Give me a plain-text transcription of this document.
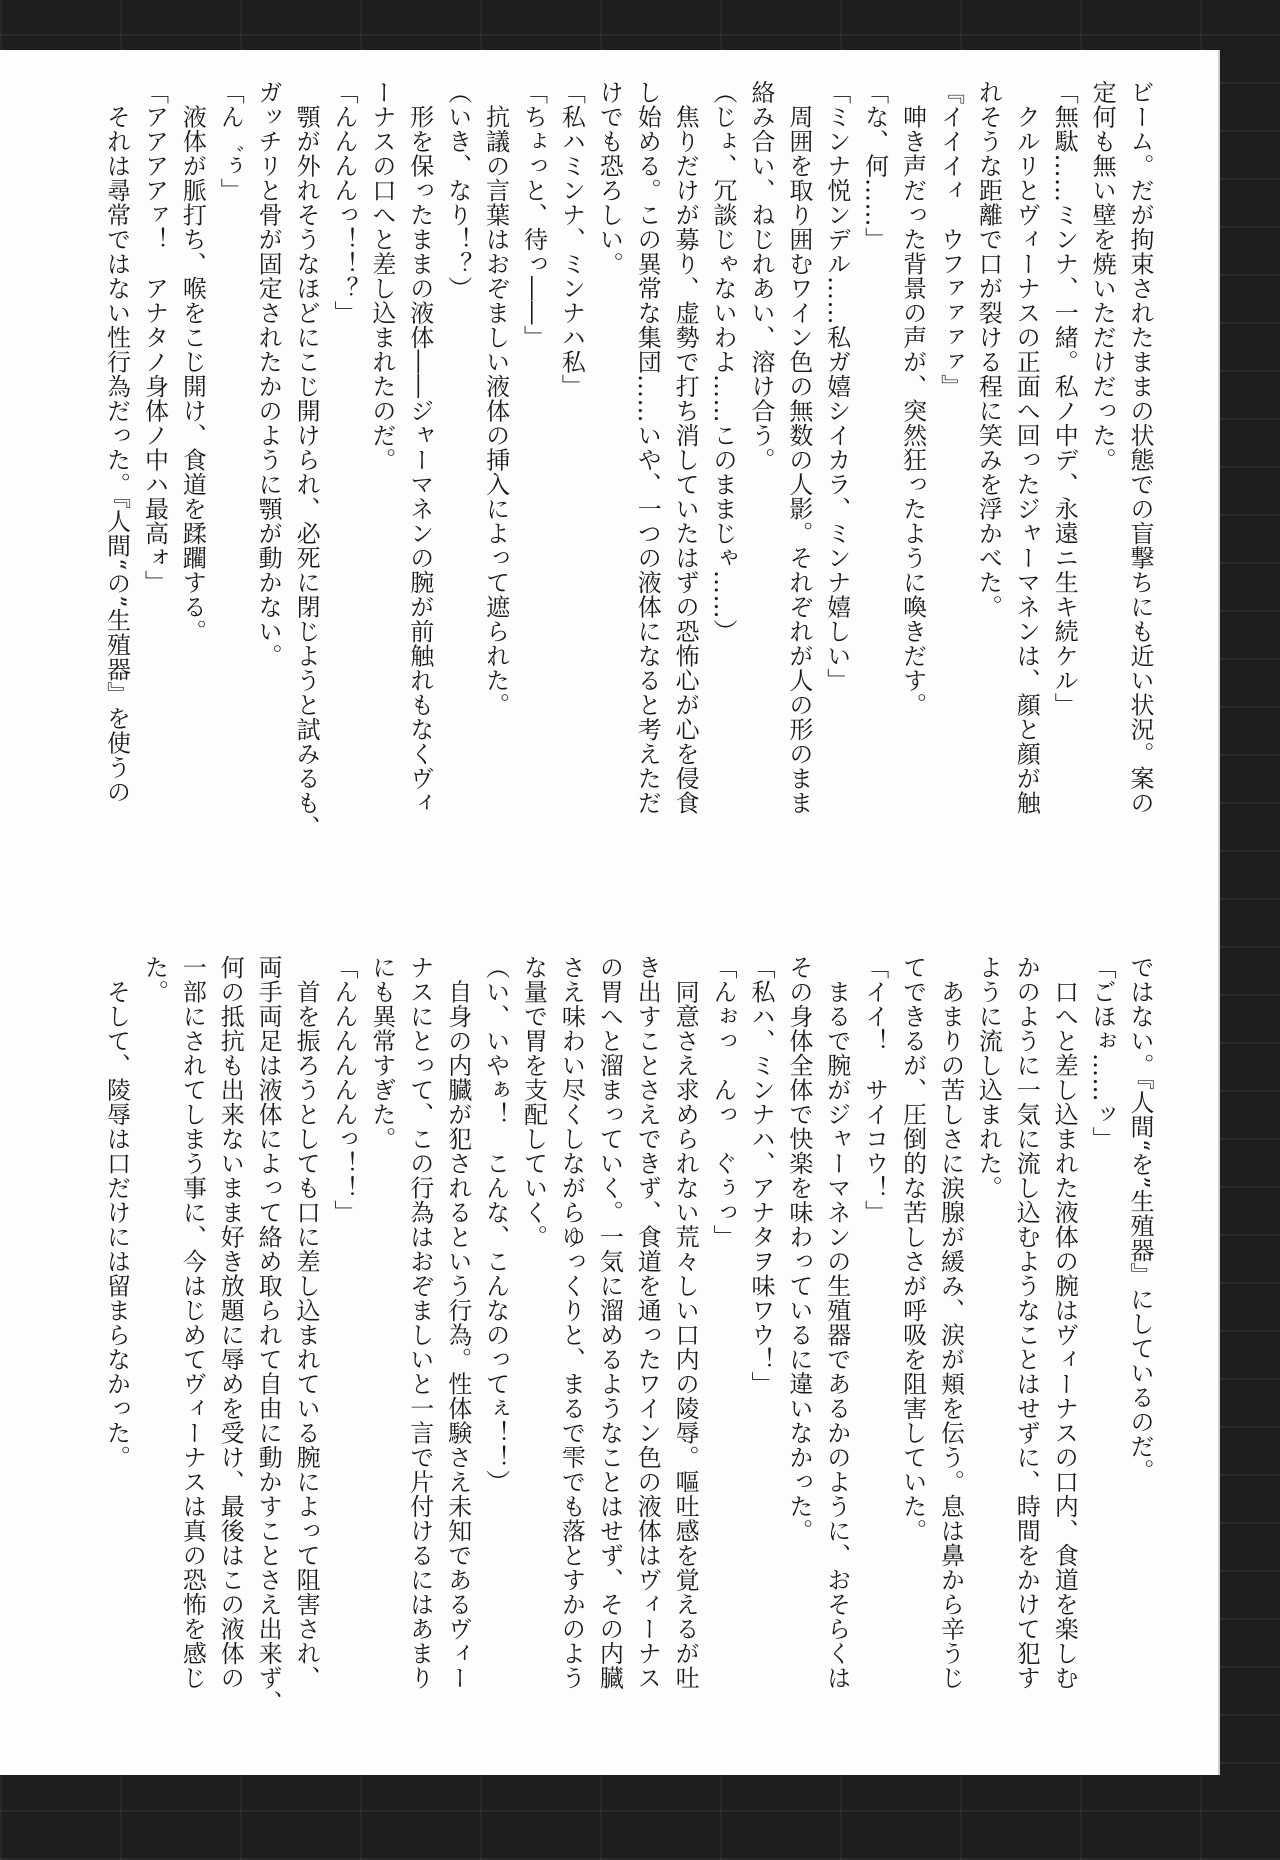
ビーム。だが拘束されたままの状態での盲撃ちにも近い状況。案の
定何も無い壁を焼いただけだった。
「無駄……ミンナ、一緒。私ノ中デ、永遠ニ生キ続ケル」
　クルリとヴィーナスの正面へ回ったジャーマネンは、顔と顔が触
れそうな距離で口が裂ける程に笑みを浮かべた。
『イイイィ　ウファァァァ』
　呻き声だった背景の声が、突然狂ったように喚きだす。
「な、何……」
「ミンナ悦ンデル……私ガ嬉シイカラ、ミンナ嬉しい」
　周囲を取り囲むワイン色の無数の人影。それぞれが人の形のまま
絡み合い、ねじれあい、溶け合う。
（じょ、冗談じゃないわよ……このままじゃ……）
　焦りだけが募り、虚勢で打ち消していたはずの恐怖心が心を侵食
し始める。この異常な集団……いや、一つの液体になると考えただ
けでも恐ろしい。
「私ハミンナ、ミンナハ私」
「ちょっと、待っ――」
　抗議の言葉はおぞましい液体の挿入によって遮られた。
（いき、なり！？）
　形を保ったままの液体――ジャーマネンの腕が前触れもなくヴィ
ーナスの口へと差し込まれたのだ。
「んんんんっ！！？」
　顎が外れそうなほどにこじ開けられ、必死に閉じようと試みるも、
ガッチリと骨が固定されたかのように顎が動かない。
「ん゛ぅ」
　液体が脈打ち、喉をこじ開け、食道を蹂躙する。
「アアアアァ！　アナタノ身体ノ中ハ最高ォ」
　それは尋常ではない性行為だった。『人間“の”生殖器』を使うの
ではない。『人間“を”生殖器』にしているのだ。
「ごほぉ……ッ」
　口へと差し込まれた液体の腕はヴィーナスの口内、食道を楽しむ
かのように一気に流し込むようなことはせずに、時間をかけて犯す
ように流し込まれた。
　あまりの苦しさに涙腺が緩み、涙が頬を伝う。息は鼻から辛うじ
てできるが、圧倒的な苦しさが呼吸を阻害していた。
「イイ！　サイコウ！」
　まるで腕がジャーマネンの生殖器であるかのように、おそらくは
その身体全体で快楽を味わっているに違いなかった。
「私ハ、ミンナハ、アナタヲ味ワウ！」
「んぉっ　んっ　ぐぅっ」
　同意さえ求められない荒々しい口内の陵辱。嘔吐感を覚えるが吐
き出すことさえできず、食道を通ったワイン色の液体はヴィーナス
の胃へと溜まっていく。一気に溜めるようなことはせず、その内臓
さえ味わい尽くしながらゆっくりと、まるで雫でも落とすかのよう
な量で胃を支配していく。
（い、いやぁ！　こんな、こんなのってぇ！！）
　自身の内臓が犯されるという行為。性体験さえ未知であるヴィー
ナスにとって、この行為はおぞましいと一言で片付けるにはあまり
にも異常すぎた。
「んんんんんんっ！！」
　首を振ろうとしても口に差し込まれている腕によって阻害され、
両手両足は液体によって絡め取られて自由に動かすことさえ出来ず、
何の抵抗も出来ないまま好き放題に辱めを受け、最後はこの液体の
一部にされてしまう事に、今はじめてヴィーナスは真の恐怖を感じ
た。
　そして、陵辱は口だけには留まらなかった。
